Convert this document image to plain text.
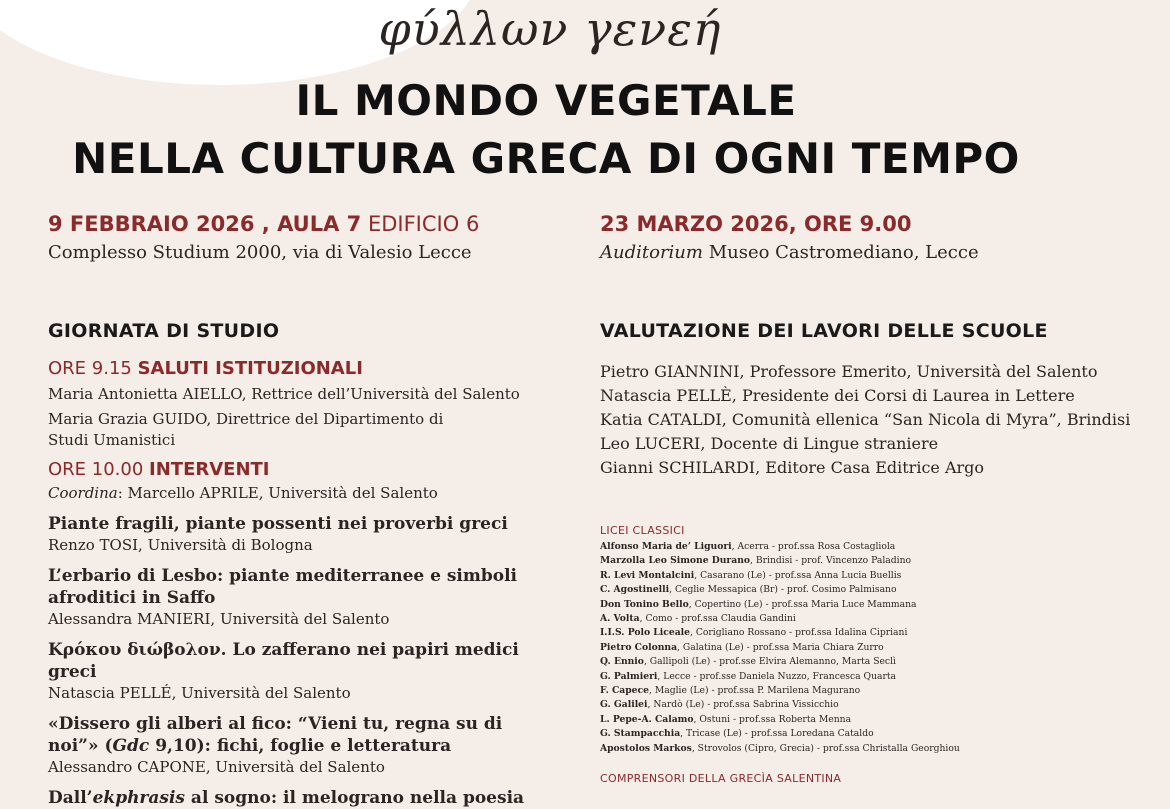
φύλλων γενεή
IL MONDO VEGETALE
NELLA CULTURA GRECA DI OGNI TEMPO
9 FEBBRAIO 2026 , AULA 7 EDIFICIO 6
Complesso Studium 2000, via di Valesio Lecce
GIORNATA DI STUDIO
ORE 9.15 SALUTI ISTITUZIONALI
Maria Antonietta AIELLO, Rettrice dell’Università del Salento
Maria Grazia GUIDO, Direttrice del Dipartimento di Studi Umanistici
ORE 10.00 INTERVENTI
Coordina: Marcello APRILE, Università del Salento
Piante fragili, piante possenti nei proverbi greci
Renzo TOSI, Università di Bologna
L’erbario di Lesbo: piante mediterranee e simboli afroditici in Saffo
Alessandra MANIERI, Università del Salento
Κρόκου διώβολον. Lo zafferano nei papiri medici greci
Natascia PELLÉ, Università del Salento
«Dissero gli alberi al fico: “Vieni tu, regna su di noi”» (Gdc 9,10): fichi, foglie e letteratura
Alessandro CAPONE, Università del Salento
Dall’ekphrasis al sogno: il melograno nella poesia
23 MARZO 2026, ORE 9.00
Auditorium Museo Castromediano, Lecce
VALUTAZIONE DEI LAVORI DELLE SCUOLE
Pietro GIANNINI, Professore Emerito, Università del Salento
Natascia PELLÈ, Presidente dei Corsi di Laurea in Lettere
Katia CATALDI, Comunità ellenica “San Nicola di Myra”, Brindisi
Leo LUCERI, Docente di Lingue straniere
Gianni SCHILARDI, Editore Casa Editrice Argo
LICEI CLASSICI
Alfonso Maria de’ Liguori, Acerra - prof.ssa Rosa Costagliola
Marzolla Leo Simone Durano, Brindisi - prof. Vincenzo Paladino
R. Levi Montalcini, Casarano (Le) - prof.ssa Anna Lucia Buellis
C. Agostinelli, Ceglie Messapica (Br) - prof. Cosimo Palmisano
Don Tonino Bello, Copertino (Le) - prof.ssa Maria Luce Mammana
A. Volta, Como - prof.ssa Claudia Gandini
I.I.S. Polo Liceale, Corigliano Rossano - prof.ssa Idalina Cipriani
Pietro Colonna, Galatina (Le) - prof.ssa Maria Chiara Zurro
Q. Ennio, Gallipoli (Le) - prof.sse Elvira Alemanno, Marta Seclì
G. Palmieri, Lecce - prof.sse Daniela Nuzzo, Francesca Quarta
F. Capece, Maglie (Le) - prof.ssa P. Marilena Magurano
G. Galilei, Nardò (Le) - prof.ssa Sabrina Vissicchio
L. Pepe-A. Calamo, Ostuni - prof.ssa Roberta Menna
G. Stampacchia, Tricase (Le) - prof.ssa Loredana Cataldo
Apostolos Markos, Strovolos (Cipro, Grecia) - prof.ssa Christalla Georghiou
COMPRENSORI DELLA GRECÌA SALENTINA
